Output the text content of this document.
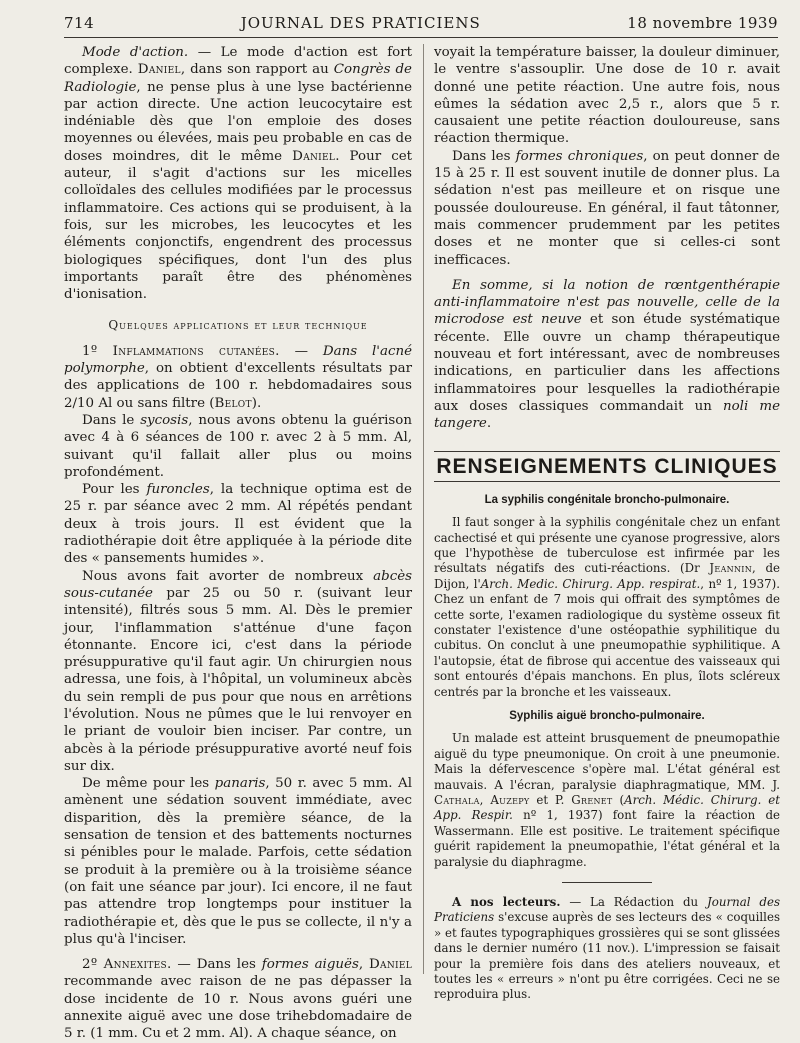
714	JOURNAL DES PRATICIENS	18 novembre 1939

Mode d'action. — Le mode d'action est fort complexe. Daniel, dans son rapport au Congrès de Radiologie, ne pense plus à une lyse bactérienne par action directe. Une action leucocytaire est indéniable dès que l'on emploie des doses moyennes ou élevées, mais peu probable en cas de doses moindres, dit le même Daniel. Pour cet auteur, il s'agit d'actions sur les micelles colloïdales des cellules modifiées par le processus inflammatoire. Ces actions qui se produisent, à la fois, sur les microbes, les leucocytes et les éléments conjonctifs, engendrent des processus biologiques spécifiques, dont l'un des plus importants paraît être des phénomènes d'ionisation.

Quelques applications et leur technique

1º Inflammations cutanées. — Dans l'acné polymorphe, on obtient d'excellents résultats par des applications de 100 r. hebdomadaires sous 2/10 Al ou sans filtre (Belot).

Dans le sycosis, nous avons obtenu la guérison avec 4 à 6 séances de 100 r. avec 2 à 5 mm. Al, suivant qu'il fallait aller plus ou moins profondément.

Pour les furoncles, la technique optima est de 25 r. par séance avec 2 mm. Al répétés pendant deux à trois jours. Il est évident que la radiothérapie doit être appliquée à la période dite des « pansements humides ».

Nous avons fait avorter de nombreux abcès sous-cutanée par 25 ou 50 r. (suivant leur intensité), filtrés sous 5 mm. Al. Dès le premier jour, l'inflammation s'atténue d'une façon étonnante. Encore ici, c'est dans la période présuppurative qu'il faut agir. Un chirurgien nous adressa, une fois, à l'hôpital, un volumineux abcès du sein rempli de pus pour que nous en arrêtions l'évolution. Nous ne pûmes que le lui renvoyer en le priant de vouloir bien inciser. Par contre, un abcès à la période présuppurative avorté neuf fois sur dix.

De même pour les panaris, 50 r. avec 5 mm. Al amènent une sédation souvent immédiate, avec disparition, dès la première séance, de la sensation de tension et des battements nocturnes si pénibles pour le malade. Parfois, cette sédation se produit à la première ou à la troisième séance (on fait une séance par jour). Ici encore, il ne faut pas attendre trop longtemps pour instituer la radiothérapie et, dès que le pus se collecte, il n'y a plus qu'à l'inciser.

2º Annexites. — Dans les formes aiguës, Daniel recommande avec raison de ne pas dépasser la dose incidente de 10 r. Nous avons guéri une annexite aiguë avec une dose trihebdomadaire de 5 r. (1 mm. Cu et 2 mm. Al). A chaque séance, on

voyait la température baisser, la douleur diminuer, le ventre s'assouplir. Une dose de 10 r. avait donné une petite réaction. Une autre fois, nous eûmes la sédation avec 2,5 r., alors que 5 r. causaient une petite réaction douloureuse, sans réaction thermique.

Dans les formes chroniques, on peut donner de 15 à 25 r. Il est souvent inutile de donner plus. La sédation n'est pas meilleure et on risque une poussée douloureuse. En général, il faut tâtonner, mais commencer prudemment par les petites doses et ne monter que si celles-ci sont inefficaces.

En somme, si la notion de rœntgenthérapie anti-inflammatoire n'est pas nouvelle, celle de la microdose est neuve et son étude systématique récente. Elle ouvre un champ thérapeutique nouveau et fort intéressant, avec de nombreuses indications, en particulier dans les affections inflammatoires pour lesquelles la radiothérapie aux doses classiques commandait un noli me tangere.

RENSEIGNEMENTS CLINIQUES
La syphilis congénitale broncho-pulmonaire.

Il faut songer à la syphilis congénitale chez un enfant cachectisé et qui présente une cyanose progressive, alors que l'hypothèse de tuberculose est infirmée par les résultats négatifs des cuti-réactions. (Dr Jeannin, de Dijon, l'Arch. Medic. Chirurg. App. respirat., nº 1, 1937). Chez un enfant de 7 mois qui offrait des symptômes de cette sorte, l'examen radiologique du système osseux fit constater l'existence d'une ostéopathie syphilitique du cubitus. On conclut à une pneumopathie syphilitique. A l'autopsie, état de fibrose qui accentue des vaisseaux qui sont entourés d'épais manchons. En plus, îlots scléreux centrés par la bronche et les vaisseaux.

Syphilis aiguë broncho-pulmonaire.

Un malade est atteint brusquement de pneumopathie aiguë du type pneumonique. On croit à une pneumonie. Mais la défervescence s'opère mal. L'état général est mauvais. A l'écran, paralysie diaphragmatique, MM. J. Cathala, Auzepy et P. Grenet (Arch. Médic. Chirurg. et App. Respir. nº 1, 1937) font faire la réaction de Wassermann. Elle est positive. Le traitement spécifique guérit rapidement la pneumopathie, l'état général et la paralysie du diaphragme.

A nos lecteurs. — La Rédaction du Journal des Praticiens s'excuse auprès de ses lecteurs des « coquilles » et fautes typographiques grossières qui se sont glissées dans le dernier numéro (11 nov.). L'impression se faisait pour la première fois dans des ateliers nouveaux, et toutes les « erreurs » n'ont pu être corrigées. Ceci ne se reproduira plus.
